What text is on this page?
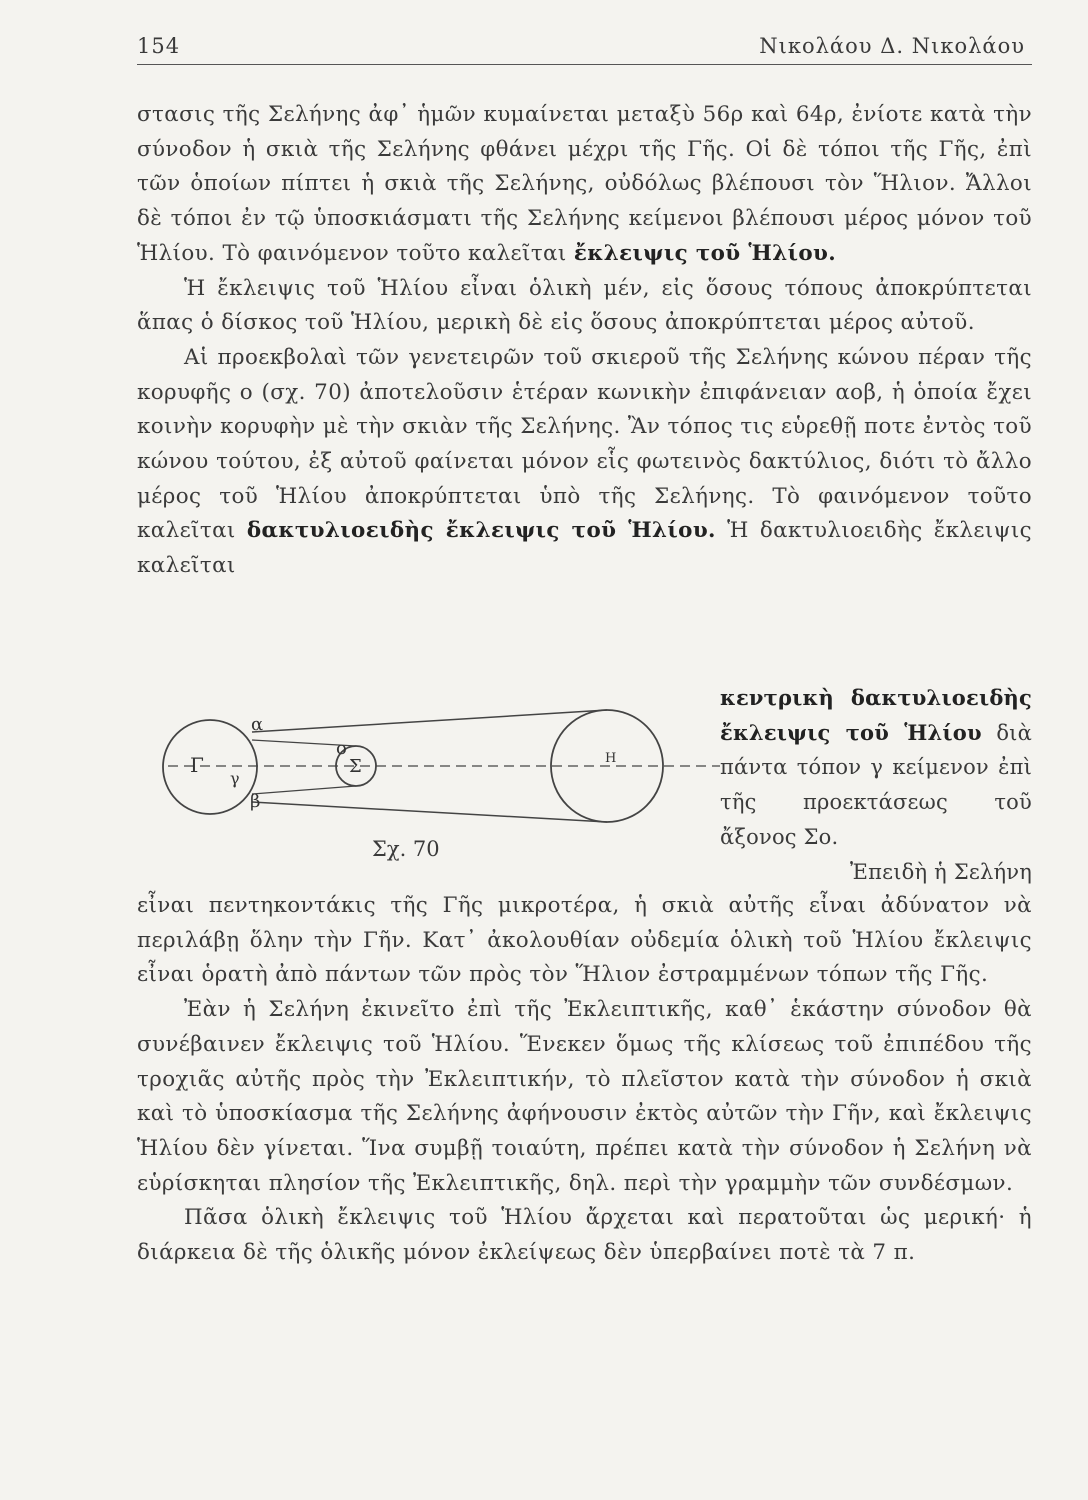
154	Νικολάου Δ. Νικολάου

στασις τῆς Σελήνης ἀφ᾽ ἡμῶν κυμαίνεται μεταξὺ 56ρ καὶ 64ρ, ἐνίοτε κατὰ τὴν σύνοδον ἡ σκιὰ τῆς Σελήνης φθάνει μέχρι τῆς Γῆς. Οἱ δὲ τόποι τῆς Γῆς, ἐπὶ τῶν ὁποίων πίπτει ἡ σκιὰ τῆς Σελήνης, οὐδόλως βλέπουσι τὸν Ἥλιον. Ἄλλοι δὲ τόποι ἐν τῷ ὑποσκιάσματι τῆς Σελήνης κείμενοι βλέπουσι μέρος μόνον τοῦ Ἡλίου. Τὸ φαινόμενον τοῦτο καλεῖται ἔκλειψις τοῦ Ἡλίου.

Ἡ ἔκλειψις τοῦ Ἡλίου εἶναι ὁλικὴ μέν, εἰς ὅσους τόπους ἀποκρύπτεται ἅπας ὁ δίσκος τοῦ Ἡλίου, μερικὴ δὲ εἰς ὅσους ἀποκρύπτεται μέρος αὐτοῦ.

Αἱ προεκβολαὶ τῶν γενετειρῶν τοῦ σκιεροῦ τῆς Σελήνης κώνου πέραν τῆς κορυφῆς ο (σχ. 70) ἀποτελοῦσιν ἑτέραν κωνικὴν ἐπιφάνειαν αοβ, ἡ ὁποία ἔχει κοινὴν κορυφὴν μὲ τὴν σκιὰν τῆς Σελήνης. Ἂν τόπος τις εὑρεθῇ ποτε ἐντὸς τοῦ κώνου τούτου, ἐξ αὐτοῦ φαίνεται μόνον εἷς φωτεινὸς δακτύλιος, διότι τὸ ἄλλο μέρος τοῦ Ἡλίου ἀποκρύπτεται ὑπὸ τῆς Σελήνης. Τὸ φαινόμενον τοῦτο καλεῖται δακτυλιοειδὴς ἔκλειψις τοῦ Ἡλίου. Ἡ δακτυλιοειδὴς ἔκλειψις καλεῖται

Γ
α
β
γ
ο
Σ	Η
Σχ. 70

κεντρικὴ δακτυλιοειδὴς ἔκλειψις τοῦ Ἡλίου διὰ πάντα τόπον γ κείμενον ἐπὶ τῆς προεκτάσεως τοῦ ἄξονος Σο.

Ἐπειδὴ ἡ Σελήνη

εἶναι πεντηκοντάκις τῆς Γῆς μικροτέρα, ἡ σκιὰ αὐτῆς εἶναι ἀδύνατον νὰ περιλάβῃ ὅλην τὴν Γῆν. Κατ᾽ ἀκολουθίαν οὐδεμία ὁλικὴ τοῦ Ἡλίου ἔκλειψις εἶναι ὁρατὴ ἀπὸ πάντων τῶν πρὸς τὸν Ἥλιον ἐστραμμένων τόπων τῆς Γῆς.

Ἐὰν ἡ Σελήνη ἐκινεῖτο ἐπὶ τῆς Ἐκλειπτικῆς, καθ᾽ ἑκάστην σύνοδον θὰ συνέβαινεν ἔκλειψις τοῦ Ἡλίου. Ἕνεκεν ὅμως τῆς κλίσεως τοῦ ἐπιπέδου τῆς τροχιᾶς αὐτῆς πρὸς τὴν Ἐκλειπτικήν, τὸ πλεῖστον κατὰ τὴν σύνοδον ἡ σκιὰ καὶ τὸ ὑποσκίασμα τῆς Σελήνης ἀφήνουσιν ἐκτὸς αὐτῶν τὴν Γῆν, καὶ ἔκλειψις Ἡλίου δὲν γίνεται. Ἵνα συμβῇ τοιαύτη, πρέπει κατὰ τὴν σύνοδον ἡ Σελήνη νὰ εὑρίσκηται πλησίον τῆς Ἐκλειπτικῆς, δηλ. περὶ τὴν γραμμὴν τῶν συνδέσμων.

Πᾶσα ὁλικὴ ἔκλειψις τοῦ Ἡλίου ἄρχεται καὶ περατοῦται ὡς μερική· ἡ διάρκεια δὲ τῆς ὁλικῆς μόνον ἐκλείψεως δὲν ὑπερβαίνει ποτὲ τὰ 7 π.
